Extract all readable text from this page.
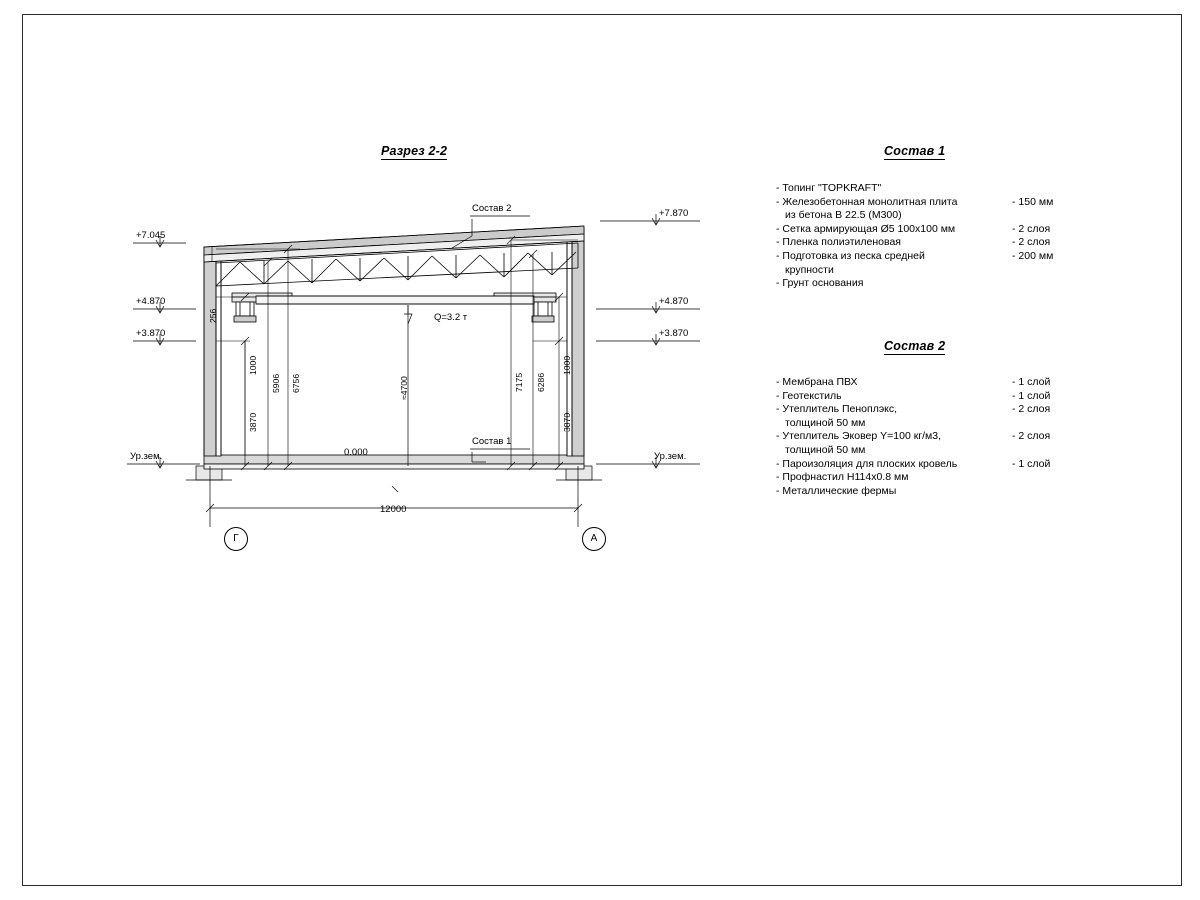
Разрез 2-2	Состав 1
Состав 2
- Топинг "TOPKRAFT"
- Железобетонная монолитная плита	- 150 мм
из бетона В 22.5 (М300)
- Сетка армирующая Ø5 100х100 мм	- 2 слоя
- Пленка полиэтиленовая	- 2 слоя
- Подготовка из песка средней	- 200 мм
крупности
- Грунт основания
- Мембрана ПВХ	- 1 слой
- Геотекстиль	- 1 слой
- Утеплитель Пеноплэкс,	- 2 слоя
толщиной 50 мм
- Утеплитель Эковер Y=100 кг/м3,	- 2 слоя
толщиной 50 мм
- Пароизоляция для плоских кровель	- 1 слой
- Профнастил Н114х0.8 мм
- Металлические фермы
+7.045
+4.870
+3.870
Ур.зем.
+7.870
+4.870
+3.870
Ур.зем.
0.000
Q=3.2 т
256
1000
5906 6756
3870
7175 6286
1000
3870
≈4700
Состав 2
Состав 1
12000
Г	А
